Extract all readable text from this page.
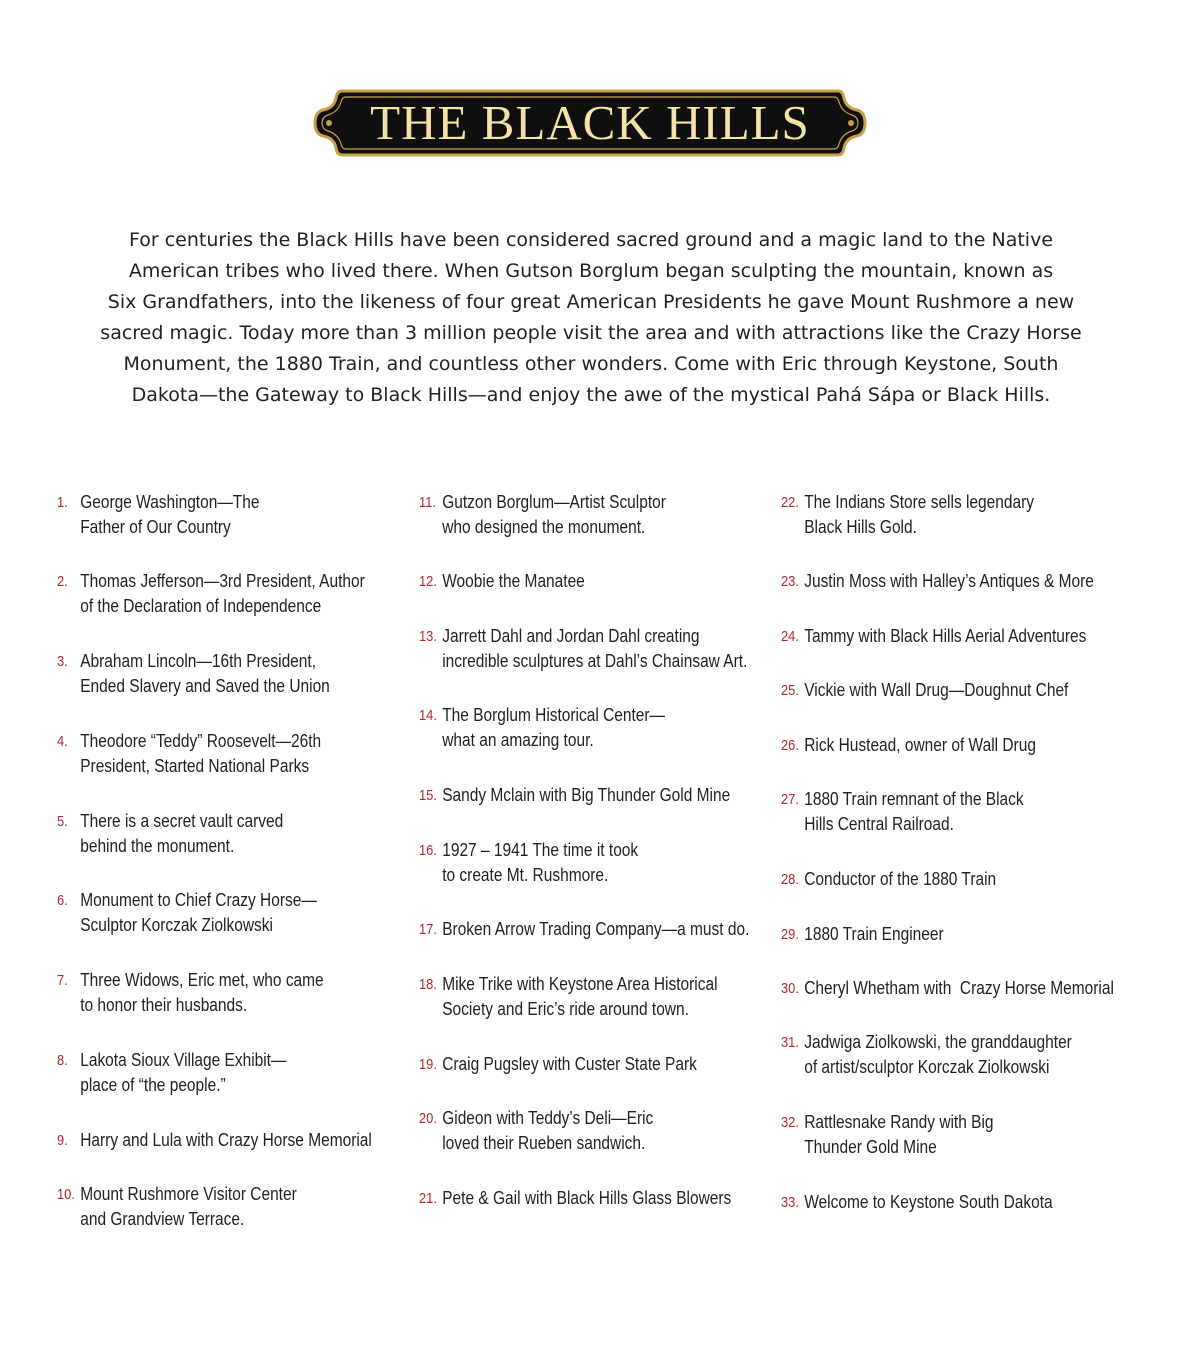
THE BLACK HILLS

For centuries the Black Hills have been considered sacred ground and a magic land to the Native
American tribes who lived there. When Gutson Borglum began sculpting the mountain, known as
Six Grandfathers, into the likeness of four great American Presidents he gave Mount Rushmore a new
sacred magic. Today more than 3 million people visit the area and with attractions like the Crazy Horse
Monument, the 1880 Train, and countless other wonders. Come with Eric through Keystone, South
Dakota—the Gateway to Black Hills—and enjoy the awe of the mystical Pahá Sápa or Black Hills.

1. George Washington—The
Father of Our Country
2. Thomas Jefferson—3rd President, Author
of the Declaration of Independence
3. Abraham Lincoln—16th President,
Ended Slavery and Saved the Union
4. Theodore “Teddy” Roosevelt—26th
President, Started National Parks
5. There is a secret vault carved
behind the monument.
6. Monument to Chief Crazy Horse—
Sculptor Korczak Ziolkowski
7. Three Widows, Eric met, who came
to honor their husbands.
8. Lakota Sioux Village Exhibit—
place of “the people.”
9. Harry and Lula with Crazy Horse Memorial
10. Mount Rushmore Visitor Center
and Grandview Terrace.
11. Gutzon Borglum—Artist Sculptor
who designed the monument.
12. Woobie the Manatee
13. Jarrett Dahl and Jordan Dahl creating
incredible sculptures at Dahl’s Chainsaw Art.
14. The Borglum Historical Center—
what an amazing tour.
15. Sandy Mclain with Big Thunder Gold Mine
16. 1927 – 1941 The time it took
to create Mt. Rushmore.
17. Broken Arrow Trading Company—a must do.
18. Mike Trike with Keystone Area Historical
Society and Eric’s ride around town.
19. Craig Pugsley with Custer State Park
20. Gideon with Teddy’s Deli—Eric
loved their Rueben sandwich.
21. Pete & Gail with Black Hills Glass Blowers
22. The Indians Store sells legendary
Black Hills Gold.
23. Justin Moss with Halley’s Antiques & More
24. Tammy with Black Hills Aerial Adventures
25. Vickie with Wall Drug—Doughnut Chef
26. Rick Hustead, owner of Wall Drug
27. 1880 Train remnant of the Black
Hills Central Railroad.
28. Conductor of the 1880 Train
29. 1880 Train Engineer
30. Cheryl Whetham with  Crazy Horse Memorial
31. Jadwiga Ziolkowski, the granddaughter
of artist/sculptor Korczak Ziolkowski
32. Rattlesnake Randy with Big
Thunder Gold Mine
33. Welcome to Keystone South Dakota
